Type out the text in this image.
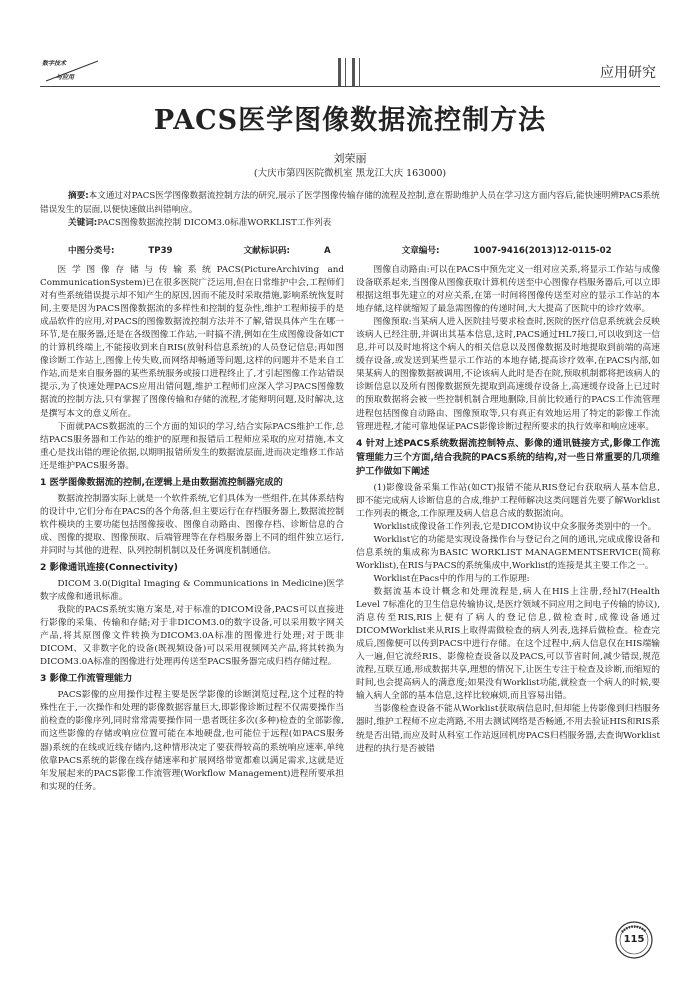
数字技术
与应用	应用研究
PACS医学图像数据流控制方法
刘荣丽
(大庆市第四医院微机室 黑龙江大庆 163000)
摘要:本文通过对PACS医学图像数据流控制方法的研究,展示了医学图像传输存储的流程及控制,意在帮助维护人员在学习这方面内容后,能快速明辨PACS系统错误发生的层面,以便快速做出纠错响应。
关键词:PACS图像数据流控制 DICOM3.0标准WORKLIST工作列表
中图分类号:	TP39	文献标识码:	A	文章编号:	1007-9416(2013)12-0115-02

医学图像存储与传输系统PACS(PictureArchiving and CommunicationSystem)已在很多医院广泛运用,但在日常维护中会,工程师们对有些系统错误提示却不知产生的原因,因而不能及时采取措施,影响系统恢复时间,主要是因为PACS图像数据流的多样性和控制的复杂性,维护工程师接手的是成品软件的应用,对PACS的图像数据流控制方法并不了解,错误具体产生在哪一环节,是在服务器,还是在各级图像工作站,一时搞不清,例如在生成图像设备如CT的计算机终端上,不能接收到来自RIS(放射科信息系统)的人员登记信息;再如图像诊断工作站上,图像上传失败,而网络却畅通等问题,这样的问题并不是来自工作站,而是来自服务器的某些系统服务或接口进程终止了,才引起图像工作站错误提示,为了快速处理PACS应用出错问题,维护工程师们应深入学习PACS图像数据流的控制方法,只有掌握了图像传输和存储的流程,才能辩明问题,及时解决,这是撰写本文的意义所在。

下面就PACS数据流的三个方面的知识的学习,结合实际PACS维护工作,总结PACS服务器和工作站的维护的原理和报错后工程师应采取的应对措施,本文重心是找出错的理论依据,以期明报错所发生的数据流层面,进而决定维修工作站还是维护PACS服务器。

1 医学图像数据流的控制,在逻辑上是由数据流控制器完成的

数据流控制器实际上就是一个软件系统,它们具体为一些组件,在其体系结构的设计中,它们分布在PACS的各个角落,但主要运行在存档服务器上,数据流控制软件模块的主要功能包括图像接收、图像自动路由、图像存档、诊断信息的合成、图像的提取、图像预取、后端管理等在存档服务器上不同的组件独立运行,并同时与其他的进程、队列控制机制以及任务调度机制通信。

2 影像通讯连接(Connectivity)

DICOM 3.0(Digital Imaging & Communications in Medicine)医学数字成像和通讯标准。

我院的PACS系统实施方案是,对于标准的DICOM设备,PACS可以直接进行影像的采集、传输和存储;对于非DICOM3.0的数字设备,可以采用数字网关产品,将其原图像文件转换为DICOM3.0A标准的图像进行处理;对于既非DICOM、又非数字化的设备(既视频设备)可以采用视频网关产品,将其转换为DICOM3.0A标准的图像进行处理再传送至PACS服务器完成归档存储过程。

3 影像工作流管理能力

PACS影像的应用操作过程主要是医学影像的诊断浏览过程,这个过程的特殊性在于,一次操作和处理的影像数据容量巨大,即影像诊断过程不仅需要操作当前检查的影像序列,同时常常需要操作同一患者既往多次(多种)检查的全部影像,而这些影像的存储或响应位置可能在本地硬盘,也可能位于远程(如PACS服务器)系统的在线或近线存储内,这种情形决定了要获得较高的系统响应速率,单纯依靠PACS系统的影像在线存储速率和扩展网络带宽都难以满足需求,这就是近年发展起来的PACS影像工作流管理(Workflow Management)进程所要承担和实现的任务。

图像自动路由:可以在PACS中预先定义一组对应关系,将显示工作站与成像设备联系起来,当图像从图像获取计算机传送至中心图像存档服务器后,可以立即根据这组事先建立的对应关系,在第一时间将图像传送至对应的显示工作站的本地存储,这样就缩短了最急需图像的传递时间,大大提高了医院中的诊疗效率。

图像预取:当某病人进入医院挂号要求检查时,医院的医疗信息系统就会反映该病人已经注册,并调出其基本信息,这时,PACS通过HL7接口,可以收到这一信息,并可以及时地将这个病人的相关信息以及图像数据及时地提取到前端的高速缓存设备,或发送到某些显示工作站的本地存储,提高诊疗效率,在PACS内部,如果某病人的图像数据被调用,不论该病人此时是否在院,预取机制都将把该病人的诊断信息以及所有图像数据预先提取到高速缓存设备上,高速缓存设备上已过时的预取数据将会被一些控制机制合理地删除,目前比较通行的PACS工作流管理进程包括图像自动路由、图像预取等,只有真正有效地运用了特定的影像工作流管理进程,才能可靠地保证PACS影像诊断过程所要求的执行效率和响应速率。

4 针对上述PACS系统数据流控制特点、影像的通讯链接方式,影像工作流管理能力三个方面,结合我院的PACS系统的结构,对一些日常重要的几项维护工作做如下阐述

(1)影像设备采集工作站(如CT)报错不能从RIS登记台获取病人基本信息,即不能完成病人诊断信息的合成,维护工程师解决这类问题首先要了解Worklist工作列表的概念,工作原理及病人信息合成的数据流向。

Worklist成像设备工作列表,它是DICOM协议中众多服务类别中的一个。

Worklist它的功能是实现设备操作台与登记台之间的通讯,完成成像设备和信息系统的集成称为BASIC WORKLIST MANAGEMENTSERVICE(简称Worklist),在RIS与PACS的系统集成中,Worklist的连接是其主要工作之一。

Worklist在Pacs中的作用与的工作原理:

数据流基本设计概念和处理流程是,病人在HIS上注册,经hl7(Health Level 7标准化的卫生信息传输协议,是医疗领域不同应用之间电子传输的协议),消息传至RIS,RIS上便有了病人的登记信息,做检查时,成像设备通过DICOMWorklist来从RIS上取得需做检查的病人列表,选择后做检查。检查完成后,图像便可以传到PACS中进行存储。在这个过程中,病人信息仅在HIS端输入一遍,但它流经RIS、影像检查设备以及PACS,可以节省时间,减少错误,规范流程,互联互通,形成数据共享,理想的情况下,让医生专注于检查及诊断,而缩短的时间,也会提高病人的满意度;如果没有Worklist功能,就检查一个病人的时候,要输入病人全部的基本信息,这样比较麻烦,而且容易出错。

当影像检查设备不能从Worklist获取病信息时,但却能上传影像到归档服务器时,维护工程师不应走湾路,不用去测试网络是否畅通,不用去验证HIS和RIS系统是否出错,而应及时从科室工作站返回机房PACS归档服务器,去查询Worklist进程的执行是否被错

115
